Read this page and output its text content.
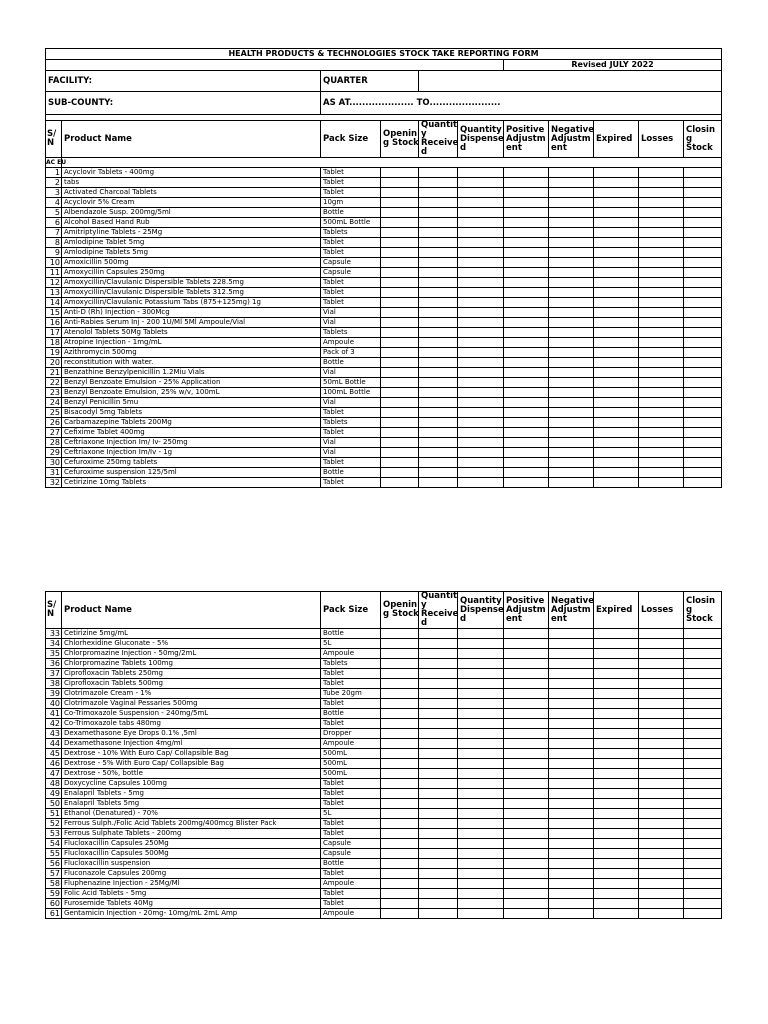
HEALTH PRODUCTS & TECHNOLOGIES STOCK TAKE REPORTING FORM										
						Revised JULY 2022				
FACILITY:		QUARTER								
SUB-COUNTY:		AS AT.................... TO......................								

S/
N	Product Name	Pack Size	Openin
g Stock	Quantit
y
Receive
d	Quantity
Dispense
d	Positive
Adjustm
ent	Negative
Adjustm
ent	Expired	Losses	Closin
g
Stock
AC EU										
1	Acyclovir Tablets - 400mg	Tablet								
2	tabs	Tablet								
3	Activated Charcoal Tablets	Tablet								
4	Acyclovir 5% Cream	10gm								
5	Albendazole Susp. 200mg/5ml	Bottle								
6	Alcohol Based Hand Rub	500mL Bottle								
7	Amitriptyline Tablets - 25Mg	Tablets								
8	Amlodipine Tablet 5mg	Tablet								
9	Amlodipine Tablets 5mg	Tablet								
10	Amoxicillin 500mg	Capsule								
11	Amoxycillin Capsules 250mg	Capsule								
12	Amoxycillin/Clavulanic Dispersible Tablets 228.5mg	Tablet								
13	Amoxycillin/Clavulanic Dispersible Tablets 312.5mg	Tablet								
14	Amoxycillin/Clavulanic Potassium Tabs (875+125mg) 1g	Tablet								
15	Anti-D (Rh) Injection - 300Mcg	Vial								
16	Anti-Rabies Serum Inj - 200 1U/Ml 5Ml Ampoule/Vial	Vial								
17	Atenolol Tablets 50Mg Tablets	Tablets								
18	Atropine Injection - 1mg/mL	Ampoule								
19	Azithromycin 500mg	Pack of 3								
20	reconstitution with water.	Bottle								
21	Benzathine Benzylpenicillin 1.2Miu Vials	Vial								
22	Benzyl Benzoate Emulsion - 25% Application	50mL Bottle								
23	Benzyl Benzoate Emulsion, 25% w/v, 100mL	100mL Bottle								
24	Benzyl Penicillin 5mu	Vial								
25	Bisacodyl 5mg Tablets	Tablet								
26	Carbamazepine Tablets 200Mg	Tablets								
27	Cefixime Tablet 400mg	Tablet								
28	Ceftriaxone Injection Im/ Iv- 250mg	Vial								
29	Ceftriaxone Injection Im/Iv - 1g	Vial								
30	Cefuroxime 250mg tablets	Tablet								
31	Cefuroxime suspension 125/5ml	Bottle								
32	Cetirizine 10mg Tablets	Tablet								
S/
N	Product Name	Pack Size	Openin
g Stock	Quantit
y
Receive
d	Quantity
Dispense
d	Positive
Adjustm
ent	Negative
Adjustm
ent	Expired	Losses	Closin
g
Stock
33	Cetirizine 5mg/mL	Bottle								
34	Chlorhexidine Gluconate - 5%	5L								
35	Chlorpromazine Injection - 50mg/2mL	Ampoule								
36	Chlorpromazine Tablets 100mg	Tablets								
37	Ciprofloxacin Tablets 250mg	Tablet								
38	Ciprofloxacin Tablets 500mg	Tablet								
39	Clotrimazole Cream - 1%	Tube 20gm								
40	Clotrimazole Vaginal Pessaries 500mg	Tablet								
41	Co-Trimoxazole Suspension - 240mg/5mL	Bottle								
42	Co-Trimoxazole tabs 480mg	Tablet								
43	Dexamethasone Eye Drops 0.1% ,5ml	Dropper								
44	Dexamethasone Injection 4mg/ml	Ampoule								
45	Dextrose - 10% With Euro Cap/ Collapsible Bag	500mL								
46	Dextrose - 5% With Euro Cap/ Collapsible Bag	500mL								
47	Dextrose - 50%, bottle	500mL								
48	Doxycycline Capsules 100mg	Tablet								
49	Enalapril Tablets - 5mg	Tablet								
50	Enalapril Tablets 5mg	Tablet								
51	Ethanol (Denatured) - 70%	5L								
52	Ferrous Sulph./Folic Acid Tablets 200mg/400mcg Blister Pack	Tablet								
53	Ferrous Sulphate Tablets - 200mg	Tablet								
54	Flucloxacillin Capsules 250Mg	Capsule								
55	Flucloxacillin Capsules 500Mg	Capsule								
56	Flucloxacillin suspension	Bottle								
57	Fluconazole Capsules 200mg	Tablet								
58	Fluphenazine Injection - 25Mg/Ml	Ampoule								
59	Folic Acid Tablets - 5mg	Tablet								
60	Furosemide Tablets 40Mg	Tablet								
61	Gentamicin Injection - 20mg- 10mg/mL 2mL Amp	Ampoule								
